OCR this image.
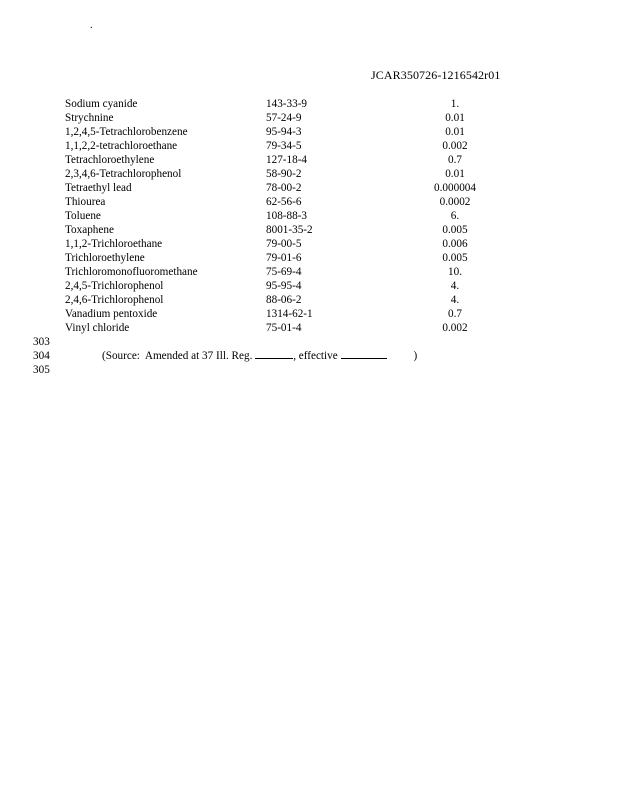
.
JCAR350726-1216542r01
Sodium cyanide	143-33-9	1.
Strychnine	57-24-9	0.01
1,2,4,5-Tetrachlorobenzene	95-94-3	0.01
1,1,2,2-tetrachloroethane	79-34-5	0.002
Tetrachloroethylene	127-18-4	0.7
2,3,4,6-Tetrachlorophenol	58-90-2	0.01
Tetraethyl lead	78-00-2	0.000004
Thiourea	62-56-6	0.0002
Toluene	108-88-3	6.
Toxaphene	8001-35-2	0.005
1,1,2-Trichloroethane	79-00-5	0.006
Trichloroethylene	79-01-6	0.005
Trichloromonofluoromethane	75-69-4	10.
2,4,5-Trichlorophenol	95-95-4	4.
2,4,6-Trichlorophenol	88-06-2	4.
Vanadium pentoxide	1314-62-1	0.7
Vinyl chloride	75-01-4	0.002
303
304
305
(Source:  Amended at 37 Ill. Reg.	, effective	)
